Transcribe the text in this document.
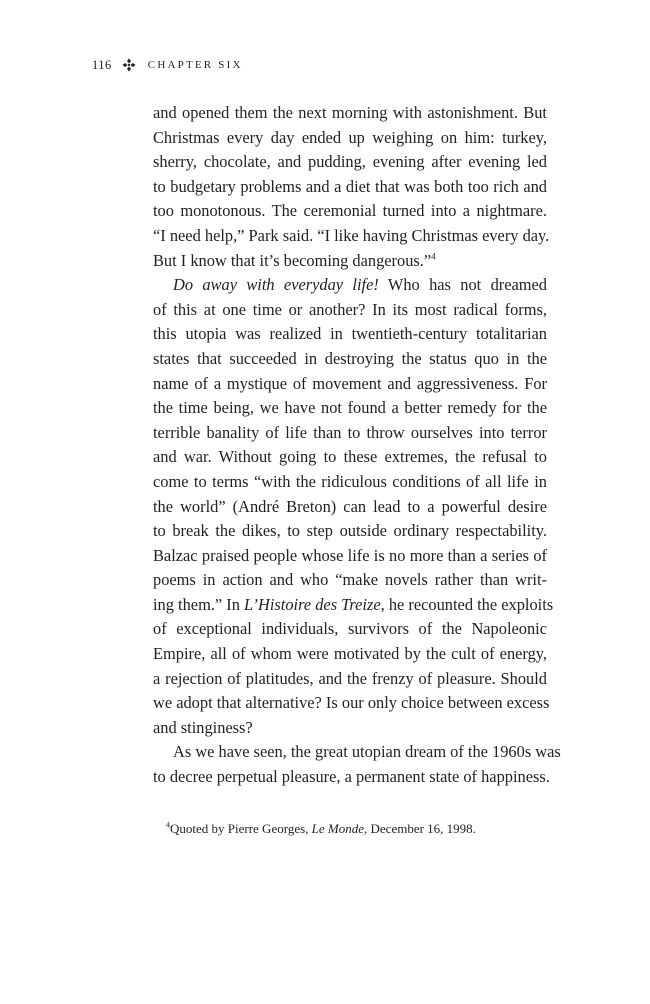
116	CHAPTER SIX
and opened them the next morning with astonishment. But
Christmas every day ended up weighing on him: turkey,
sherry, chocolate, and pudding, evening after evening led
to budgetary problems and a diet that was both too rich and
too monotonous. The ceremonial turned into a nightmare.
“I need help,” Park said. “I like having Christmas every day.
But I know that it’s becoming dangerous.”$^4$
Do away with everyday life! Who has not dreamed
of this at one time or another? In its most radical forms,
this utopia was realized in twentieth-century totalitarian
states that succeeded in destroying the status quo in the
name of a mystique of movement and aggressiveness. For
the time being, we have not found a better remedy for the
terrible banality of life than to throw ourselves into terror
and war. Without going to these extremes, the refusal to
come to terms “with the ridiculous conditions of all life in
the world” (André Breton) can lead to a powerful desire
to break the dikes, to step outside ordinary respectability.
Balzac praised people whose life is no more than a series of
poems in action and who “make novels rather than writ-
ing them.” In L’Histoire des Treize, he recounted the exploits
of exceptional individuals, survivors of the Napoleonic
Empire, all of whom were motivated by the cult of energy,
a rejection of platitudes, and the frenzy of pleasure. Should
we adopt that alternative? Is our only choice between excess
and stinginess?
As we have seen, the great utopian dream of the 1960s was
to decree perpetual pleasure, a permanent state of happiness.
$^4$Quoted by Pierre Georges, Le Monde, December 16, 1998.
